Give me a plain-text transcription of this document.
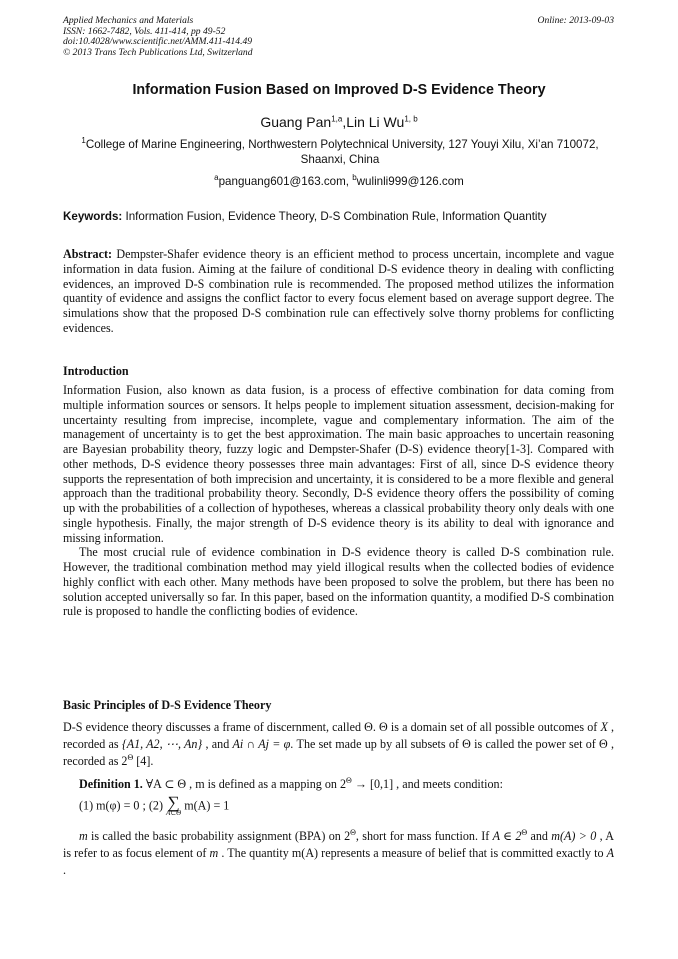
Applied Mechanics and Materials
ISSN: 1662-7482, Vols. 411-414, pp 49-52
doi:10.4028/www.scientific.net/AMM.411-414.49
© 2013 Trans Tech Publications Ltd, Switzerland
Online: 2013-09-03
Information Fusion Based on Improved D-S Evidence Theory
Guang Pan$^{1,a}$,Lin Li Wu$^{1, b}$
$^1$College of Marine Engineering, Northwestern Polytechnical University, 127 Youyi Xilu, Xi’an 710072, Shaanxi, China
$^a$panguang601@163.com, $^b$wulinli999@126.com
Keywords: Information Fusion, Evidence Theory, D-S Combination Rule, Information Quantity
Abstract: Dempster-Shafer evidence theory is an efficient method to process uncertain, incomplete and vague information in data fusion. Aiming at the failure of conditional D-S evidence theory in dealing with conflicting evidences, an improved D-S combination rule is recommended. The proposed method utilizes the information quantity of evidence and assigns the conflict factor to every focus element based on average support degree. The simulations show that the proposed D-S combination rule can effectively solve thorny problems for conflicting evidences.
Introduction
Information Fusion, also known as data fusion, is a process of effective combination for data coming from multiple information sources or sensors. It helps people to implement situation assessment, decision-making for uncertainty resulting from imprecise, incomplete, vague and complementary information. The aim of the management of uncertainty is to get the best approximation. The main basic approaches to uncertain reasoning are Bayesian probability theory, fuzzy logic and Dempster-Shafer (D-S) evidence theory[1-3]. Compared with other methods, D-S evidence theory possesses three main advantages: First of all, since D-S evidence theory supports the representation of both imprecision and uncertainty, it is considered to be a more flexible and general approach than the traditional probability theory. Secondly, D-S evidence theory offers the possibility of coming up with the probabilities of a collection of hypotheses, whereas a classical probability theory only deals with one single hypothesis. Finally, the major strength of D-S evidence theory is its ability to deal with ignorance and missing information.
The most crucial rule of evidence combination in D-S evidence theory is called D-S combination rule. However, the traditional combination method may yield illogical results when the collected bodies of evidence highly conflict with each other. Many methods have been proposed to solve the problem, but there has been no solution accepted universally so far. In this paper, based on the information quantity, a modified D-S combination rule is proposed to handle the conflicting bodies of evidence.
Basic Principles of D-S Evidence Theory
D-S evidence theory discusses a frame of discernment, called Θ. Θ is a domain set of all possible outcomes of X , recorded as {A1, A2, ⋯, An} , and Ai ∩ Aj = φ. The set made up by all subsets of Θ is called the power set of Θ , recorded as $2^\Theta$ [4].
Definition 1. ∀A ⊂ Θ , m is defined as a mapping on $2^\Theta \to [0,1]$ , and meets condition:
(1) m(φ) = 0 ; (2) ∑
A⊂Θ
m(A) = 1
m is called the basic probability assignment (BPA) on $2^\Theta$, short for mass function. If A ∈ $2^\Theta$ and m(A) > 0 , A is refer to as focus element of m . The quantity m(A) represents a measure of belief that is committed exactly to A .
